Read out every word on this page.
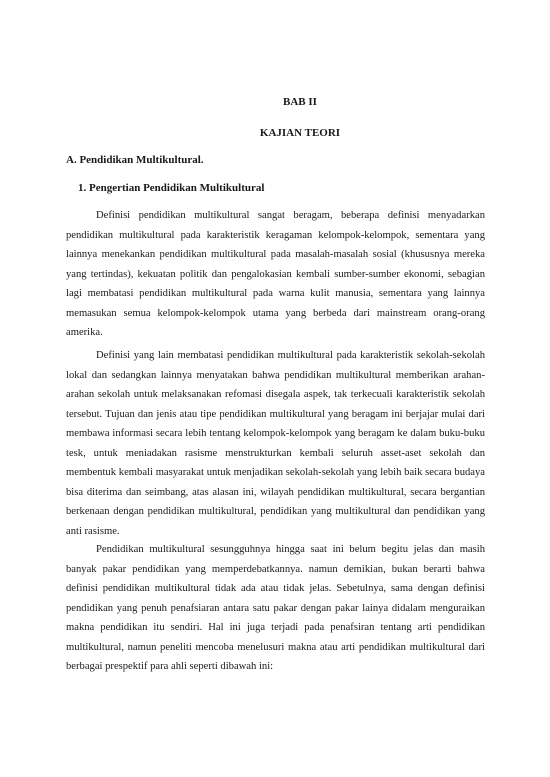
BAB II
KAJIAN TEORI
A. Pendidikan Multikultural.
1. Pengertian Pendidikan Multikultural

Definisi pendidikan multikultural sangat beragam, beberapa definisi menyadarkan pendidikan multikultural pada karakteristik keragaman kelompok-kelompok, sementara yang lainnya menekankan pendidikan multikultural pada masalah-masalah sosial (khususnya mereka yang tertindas), kekuatan politik dan pengalokasian kembali sumber-sumber ekonomi, sebagian lagi membatasi pendidikan multikultural pada warna kulit manusia, sementara yang lainnya memasukan semua kelompok-kelompok utama yang berbeda dari mainstream orang-orang amerika.

Definisi yang lain membatasi pendidikan multikultural pada karakteristik sekolah-sekolah lokal dan sedangkan lainnya menyatakan bahwa pendidikan multikultural memberikan arahan-arahan sekolah untuk melaksanakan refomasi disegala aspek, tak terkecuali karakteristik sekolah tersebut. Tujuan dan jenis atau tipe pendidikan multikultural yang beragam ini berjajar mulai dari membawa informasi secara lebih tentang kelompok-kelompok yang beragam ke dalam buku-buku tesk, untuk meniadakan rasisme menstrukturkan kembali seluruh asset-aset sekolah dan membentuk kembali masyarakat untuk menjadikan sekolah-sekolah yang lebih baik secara budaya bisa diterima dan seimbang, atas alasan ini, wilayah pendidikan multikultural, secara bergantian berkenaan dengan pendidikan multikultural, pendidikan yang multikultural dan pendidikan yang anti rasisme.

Pendidikan multikultural sesungguhnya hingga saat ini belum begitu jelas dan masih banyak pakar pendidikan yang memperdebatkannya. namun demikian, bukan berarti bahwa definisi pendidikan multikultural tidak ada atau tidak jelas. Sebetulnya, sama dengan definisi pendidikan yang penuh penafsiaran antara satu pakar dengan pakar lainya didalam menguraikan makna pendidikan itu sendiri. Hal ini juga terjadi pada penafsiran tentang arti pendidikan multikultural, namun peneliti mencoba menelusuri makna atau arti pendidikan multikultural dari berbagai prespektif para ahli seperti dibawah ini:
